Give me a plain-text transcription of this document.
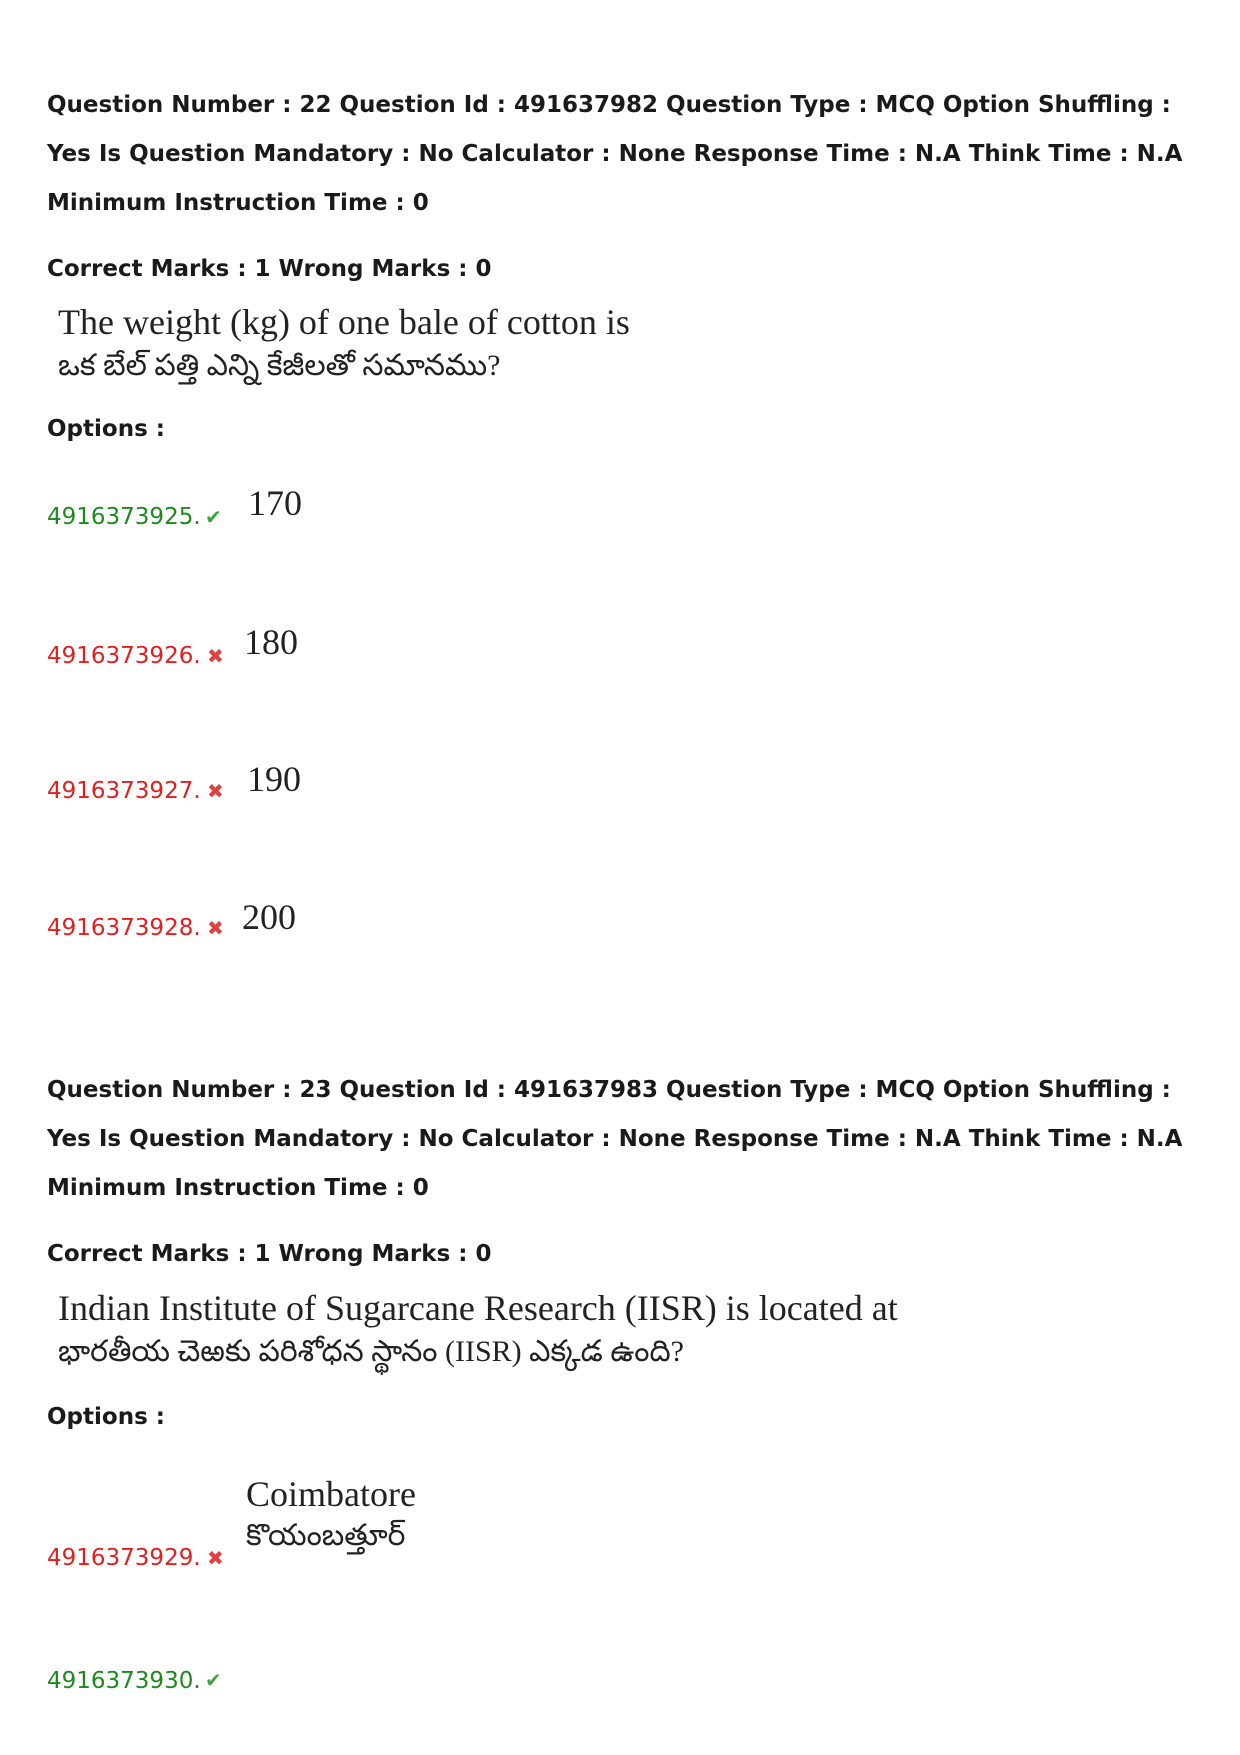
Question Number : 22 Question Id : 491637982 Question Type : MCQ Option Shuffling : Yes Is Question Mandatory : No Calculator : None Response Time : N.A Think Time : N.A Minimum Instruction Time : 0
Correct Marks : 1 Wrong Marks : 0
The weight (kg) of one bale of cotton is
ఒక బేల్ పత్తి ఎన్ని కేజీలతో సమానము?
Options :
4916373925. ✔ 170
4916373926. ✖ 180
4916373927. ✖ 190
4916373928. ✖ 200
Question Number : 23 Question Id : 491637983 Question Type : MCQ Option Shuffling : Yes Is Question Mandatory : No Calculator : None Response Time : N.A Think Time : N.A Minimum Instruction Time : 0
Correct Marks : 1 Wrong Marks : 0
Indian Institute of Sugarcane Research (IISR) is located at
భారతీయ చెఱకు పరిశోధన స్థానం (IISR) ఎక్కడ ఉంది?
Options :
4916373929. ✖
Coimbatore
కొయంబత్తూర్
4916373930. ✔
